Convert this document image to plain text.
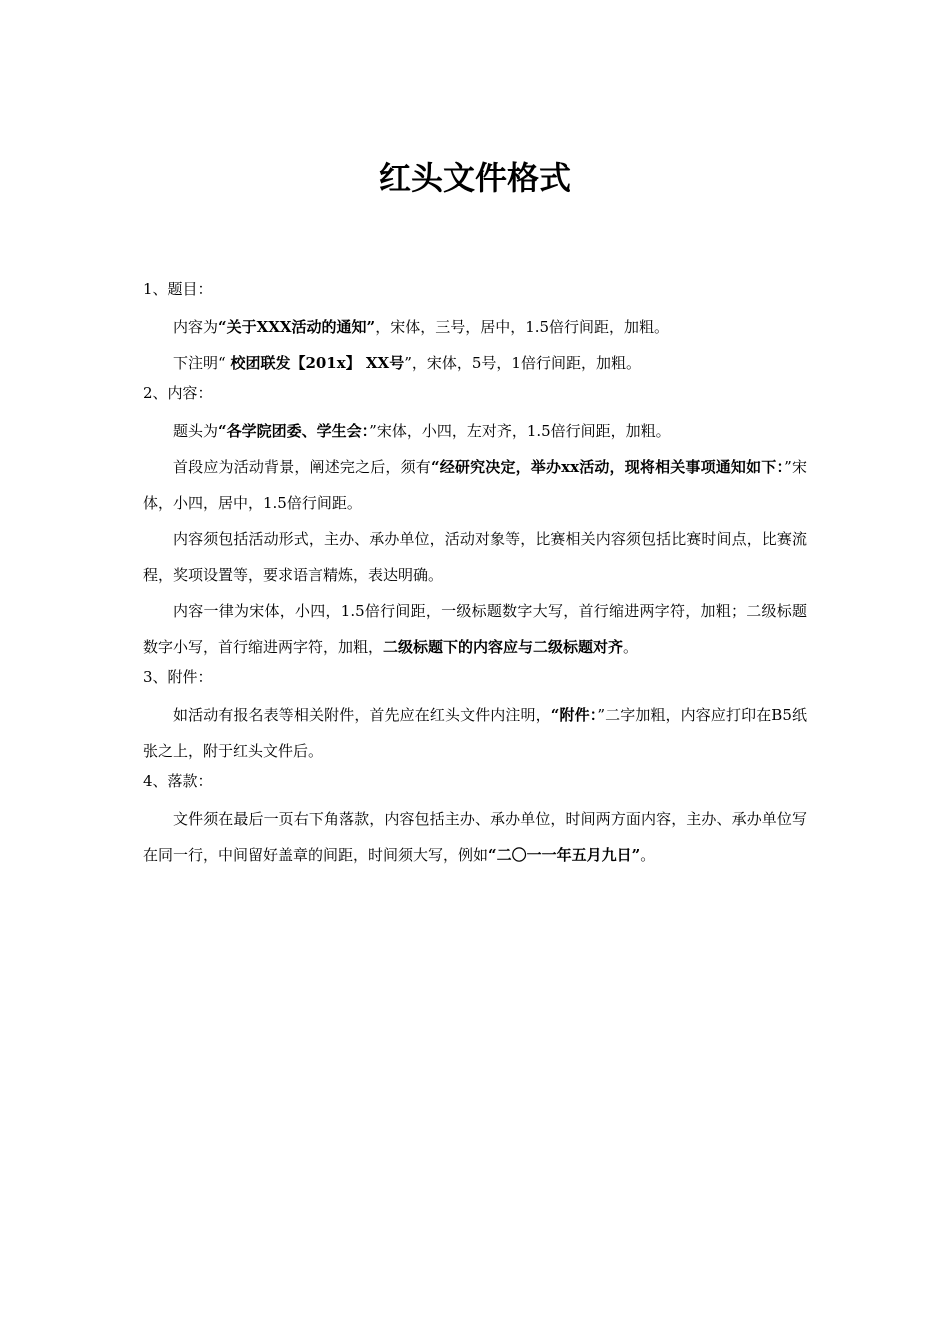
红头文件格式

1、题目：

内容为“关于XXX活动的通知”，宋体，三号，居中，1.5倍行间距，加粗。

下注明“ 校团联发【201x】 XX号”，宋体，5号，1倍行间距，加粗。

2、内容：

题头为“各学院团委、学生会：”宋体，小四，左对齐，1.5倍行间距，加粗。

首段应为活动背景，阐述完之后，须有“经研究决定，举办xx活动，现将相关事项通知如下：”宋体，小四，居中，1.5倍行间距。

内容须包括活动形式，主办、承办单位，活动对象等，比赛相关内容须包括比赛时间点，比赛流程，奖项设置等，要求语言精炼，表达明确。

内容一律为宋体，小四，1.5倍行间距，一级标题数字大写，首行缩进两字符，加粗；二级标题数字小写，首行缩进两字符，加粗，二级标题下的内容应与二级标题对齐。

3、附件：

如活动有报名表等相关附件，首先应在红头文件内注明，“附件：”二字加粗，内容应打印在B5纸张之上，附于红头文件后。

4、落款：

文件须在最后一页右下角落款，内容包括主办、承办单位，时间两方面内容，主办、承办单位写在同一行，中间留好盖章的间距，时间须大写，例如“二〇一一年五月九日”。
